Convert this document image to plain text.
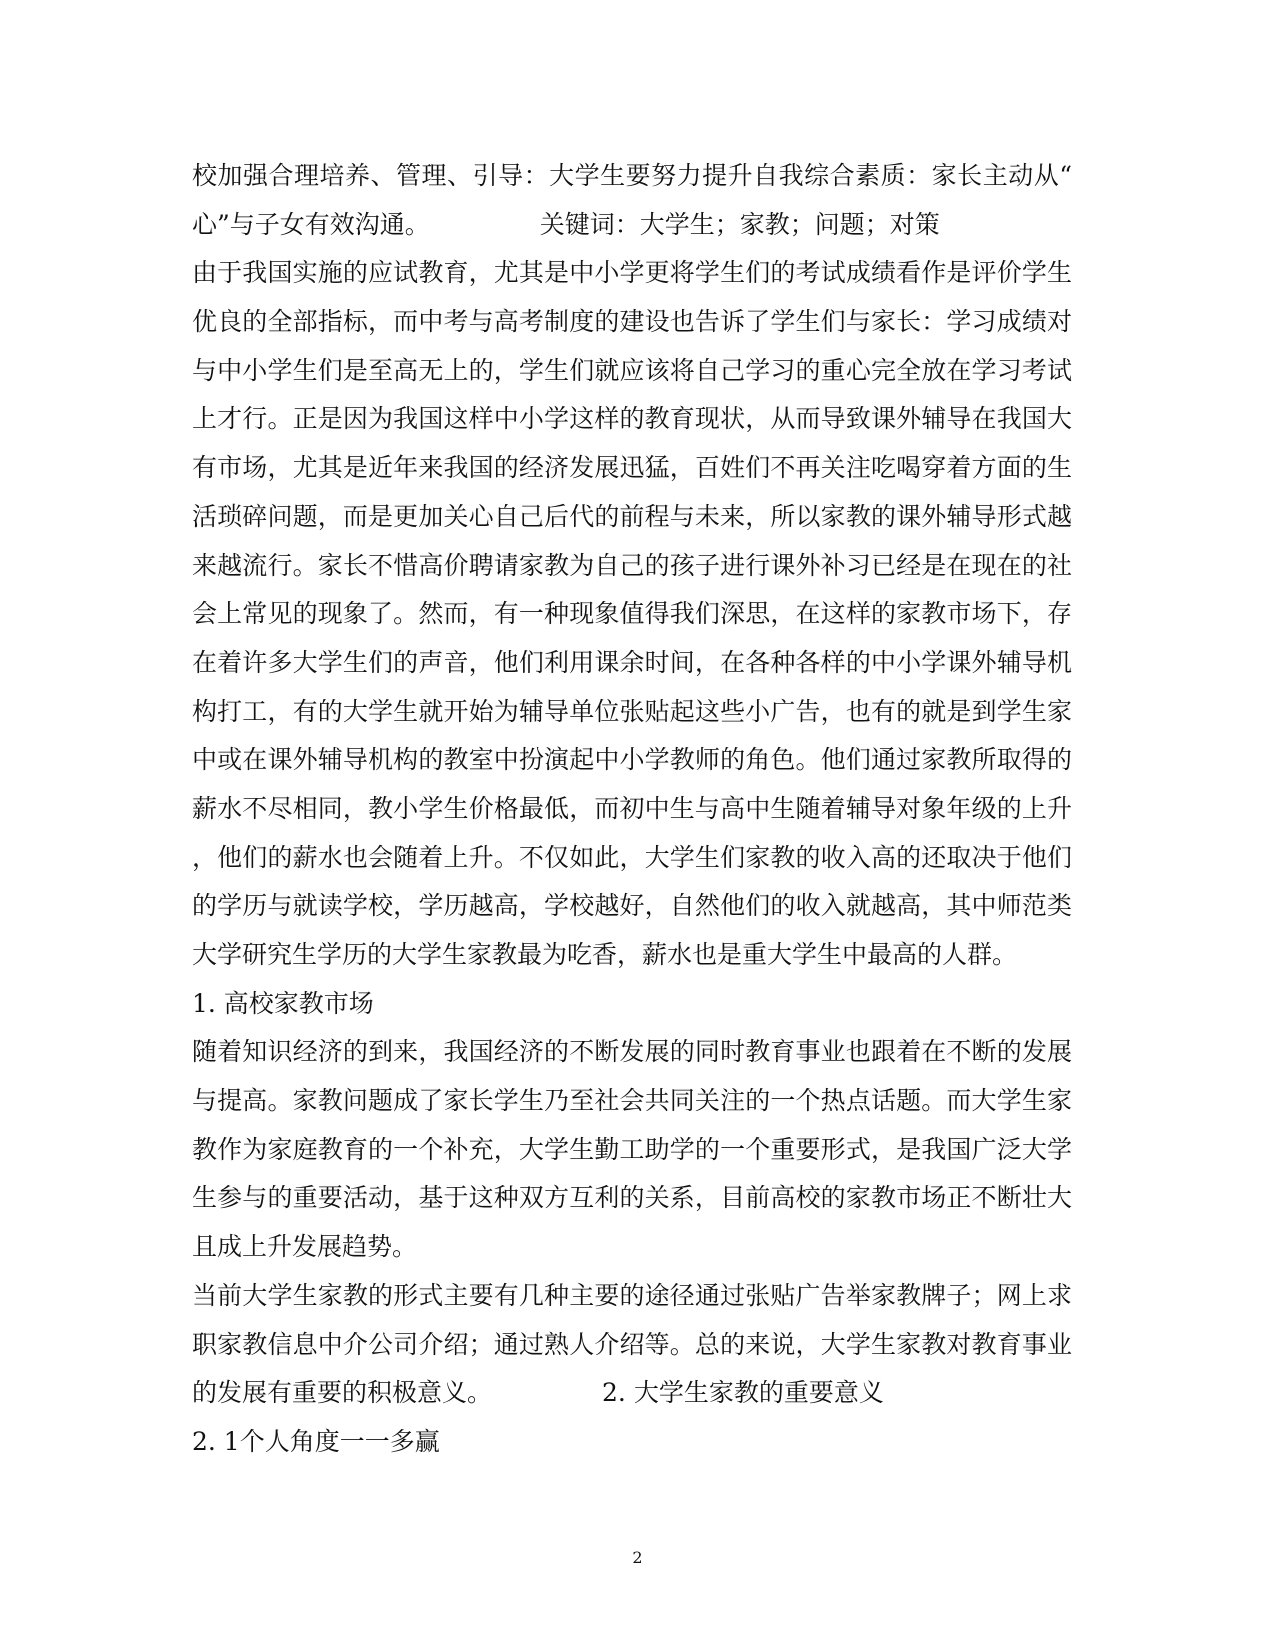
校加强合理培养、管理、引导：大学生要努力提升自我综合素质：家长主动从“
心”与子女有效沟通。	关键词：大学生；家教；问题；对策
由于我国实施的应试教育，尤其是中小学更将学生们的考试成绩看作是评价学生
优良的全部指标，而中考与高考制度的建设也告诉了学生们与家长：学习成绩对
与中小学生们是至高无上的，学生们就应该将自己学习的重心完全放在学习考试
上才行。正是因为我国这样中小学这样的教育现状，从而导致课外辅导在我国大
有市场，尤其是近年来我国的经济发展迅猛，百姓们不再关注吃喝穿着方面的生
活琐碎问题，而是更加关心自己后代的前程与未来，所以家教的课外辅导形式越
来越流行。家长不惜高价聘请家教为自己的孩子进行课外补习已经是在现在的社
会上常见的现象了。然而，有一种现象值得我们深思，在这样的家教市场下，存
在着许多大学生们的声音，他们利用课余时间，在各种各样的中小学课外辅导机
构打工，有的大学生就开始为辅导单位张贴起这些小广告，也有的就是到学生家
中或在课外辅导机构的教室中扮演起中小学教师的角色。他们通过家教所取得的
薪水不尽相同，教小学生价格最低，而初中生与高中生随着辅导对象年级的上升
，他们的薪水也会随着上升。不仅如此，大学生们家教的收入高的还取决于他们
的学历与就读学校，学历越高，学校越好，自然他们的收入就越高，其中师范类
大学研究生学历的大学生家教最为吃香，薪水也是重大学生中最高的人群。
1. 高校家教市场
随着知识经济的到来，我国经济的不断发展的同时教育事业也跟着在不断的发展
与提高。家教问题成了家长学生乃至社会共同关注的一个热点话题。而大学生家
教作为家庭教育的一个补充，大学生勤工助学的一个重要形式，是我国广泛大学
生参与的重要活动，基于这种双方互利的关系，目前高校的家教市场正不断壮大
且成上升发展趋势。
当前大学生家教的形式主要有几种主要的途径通过张贴广告举家教牌子；网上求
职家教信息中介公司介绍；通过熟人介绍等。总的来说，大学生家教对教育事业
的发展有重要的积极意义。	2. 大学生家教的重要意义
2. 1个人角度一一多赢
2
